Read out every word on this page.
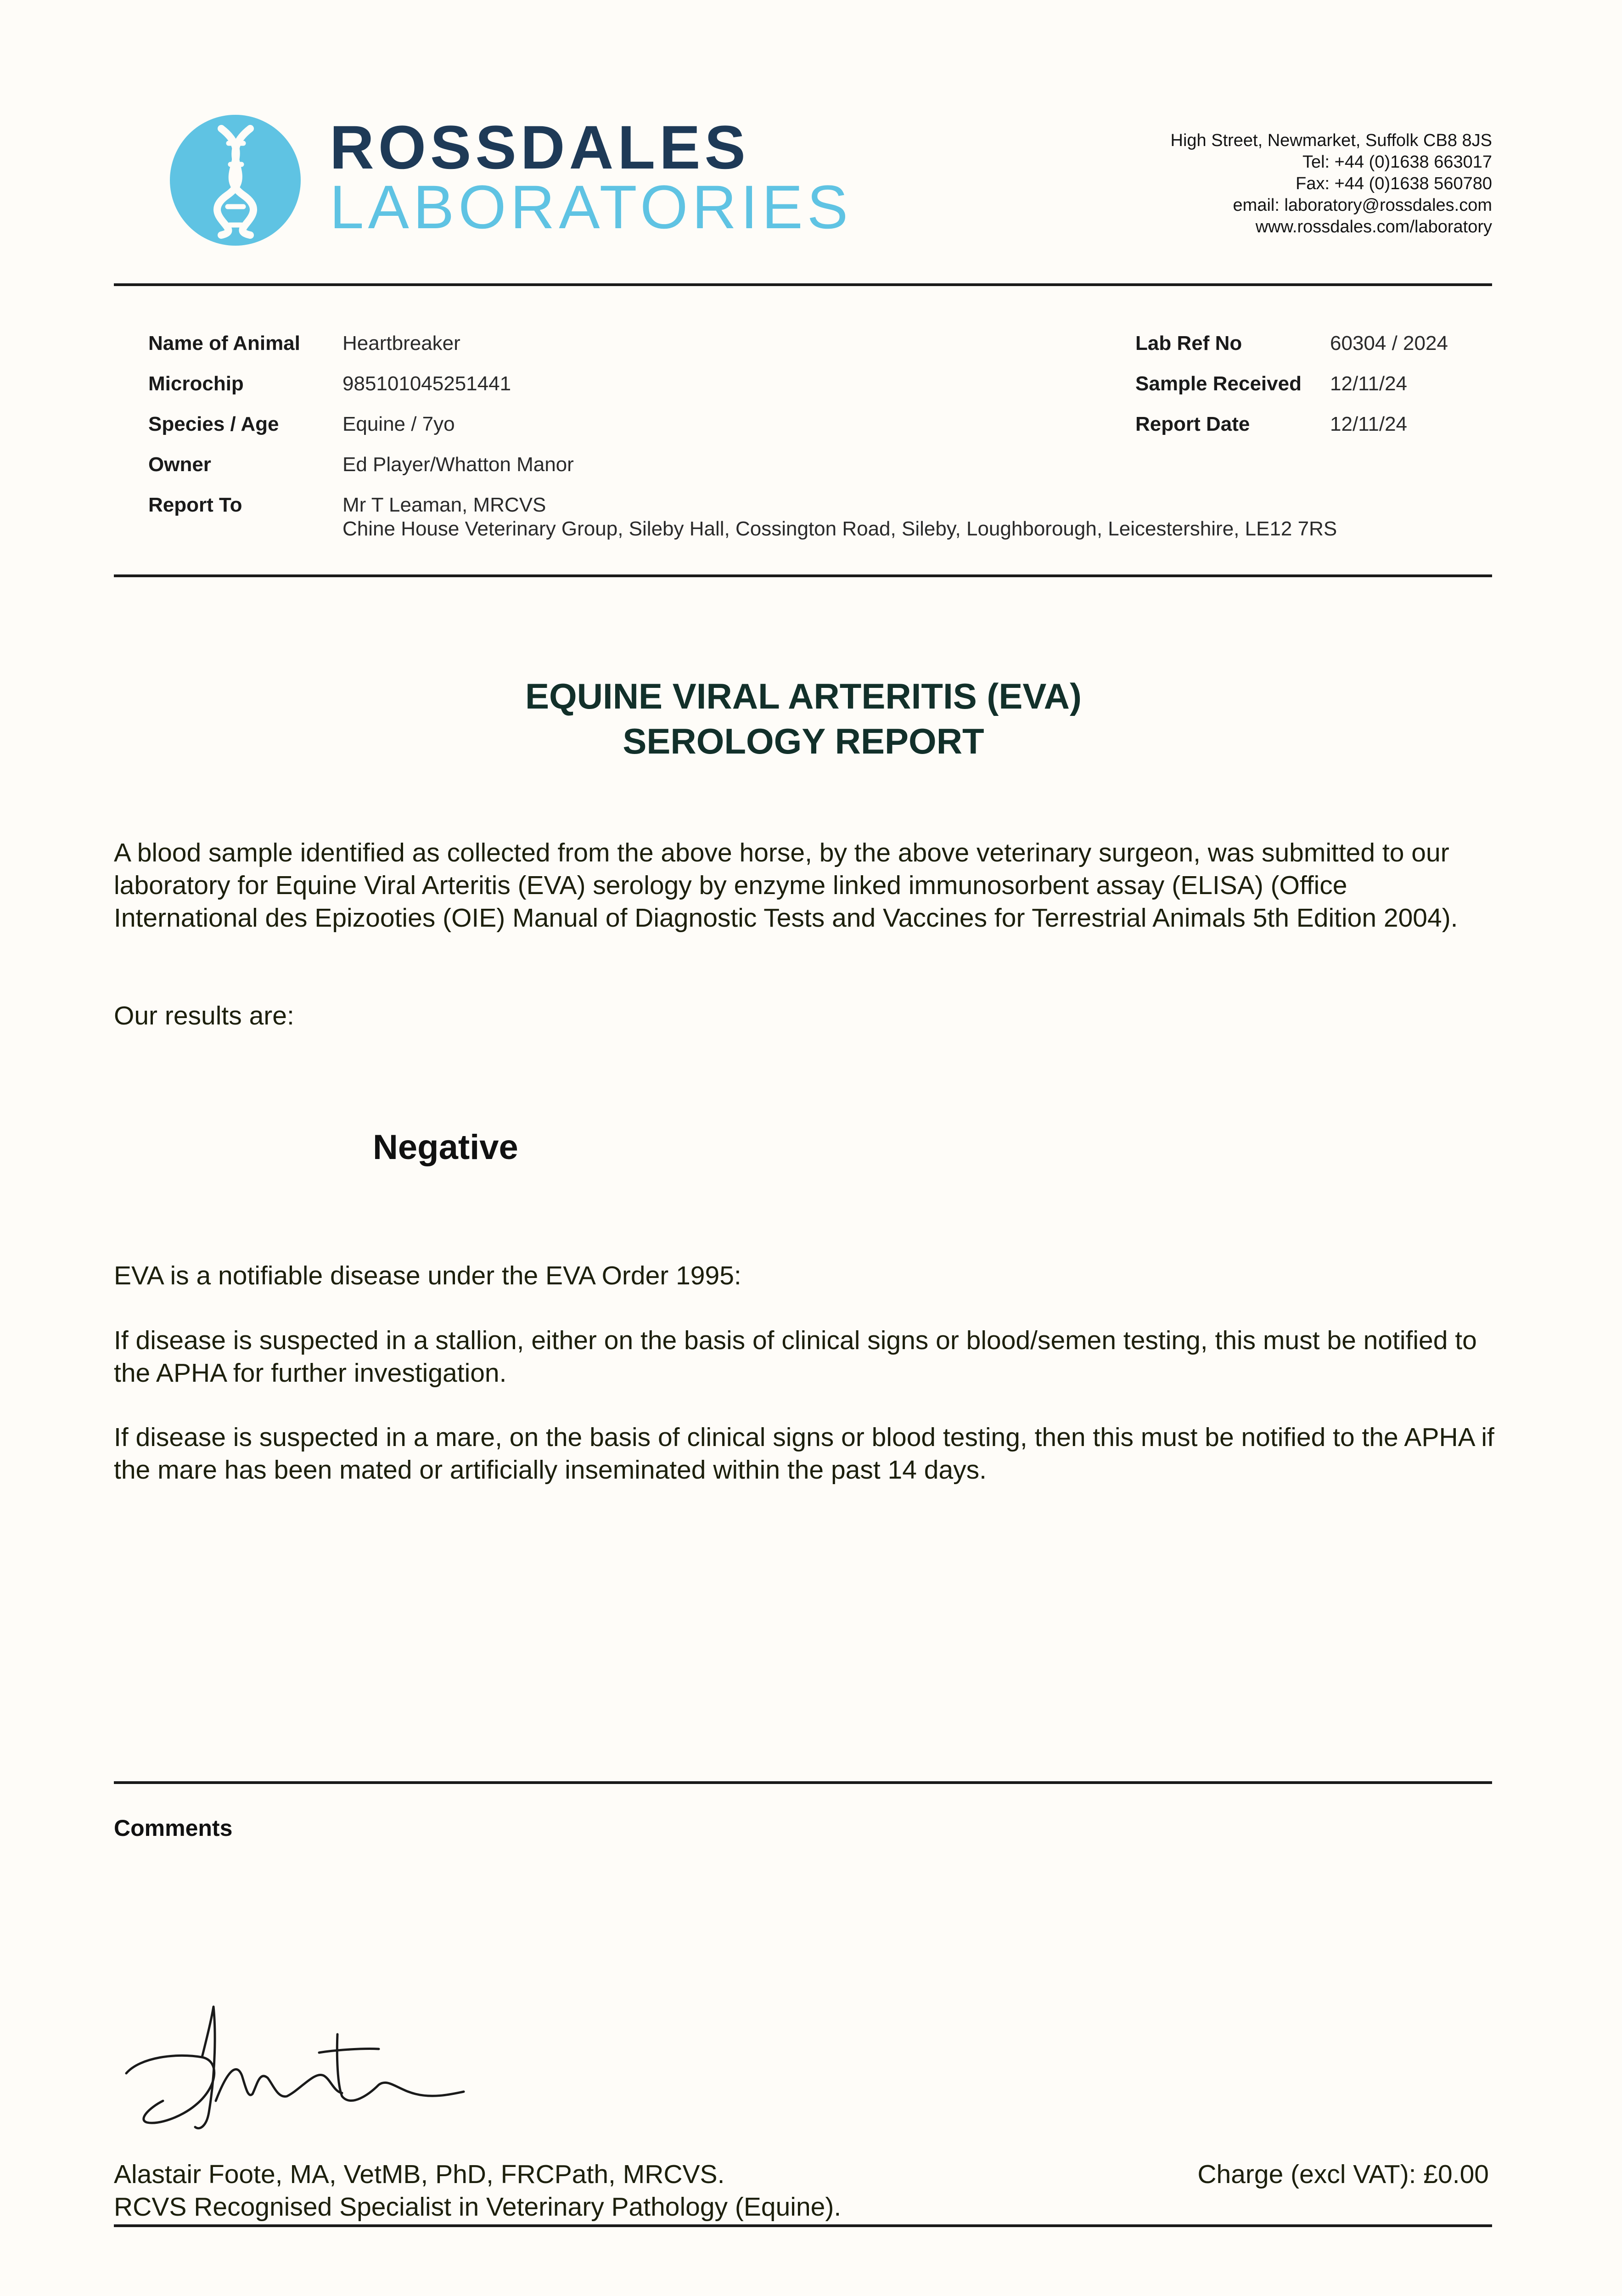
ROSSDALES
LABORATORIES
High Street, Newmarket, Suffolk CB8 8JS
Tel: +44 (0)1638 663017
Fax: +44 (0)1638 560780
email: laboratory@rossdales.com
www.rossdales.com/laboratory
Name of Animal Heartbreaker
Microchip	985101045251441
Species / Age	Equine / 7yo
Owner	Ed Player/Whatton Manor
Report To	Mr T Leaman, MRCVS
Chine House Veterinary Group, Sileby Hall, Cossington Road, Sileby, Loughborough, Leicestershire, LE12 7RS
Lab Ref No	60304 / 2024
Sample Received 12/11/24
Report Date	12/11/24
EQUINE VIRAL ARTERITIS (EVA)
SEROLOGY REPORT
A blood sample identified as collected from the above horse, by the above veterinary surgeon, was submitted to our laboratory for Equine Viral Arteritis (EVA) serology by enzyme linked immunosorbent assay (ELISA) (Office International des Epizooties (OIE) Manual of Diagnostic Tests and Vaccines for Terrestrial Animals 5th Edition 2004).
Our results are:
Negative
EVA is a notifiable disease under the EVA Order 1995:
If disease is suspected in a stallion, either on the basis of clinical signs or blood/semen testing, this must be notified to the APHA for further investigation.
If disease is suspected in a mare, on the basis of clinical signs or blood testing, then this must be notified to the APHA if the mare has been mated or artificially inseminated within the past 14 days.
Comments
Alastair Foote, MA, VetMB, PhD, FRCPath, MRCVS.
RCVS Recognised Specialist in Veterinary Pathology (Equine).
Charge (excl VAT): £0.00
